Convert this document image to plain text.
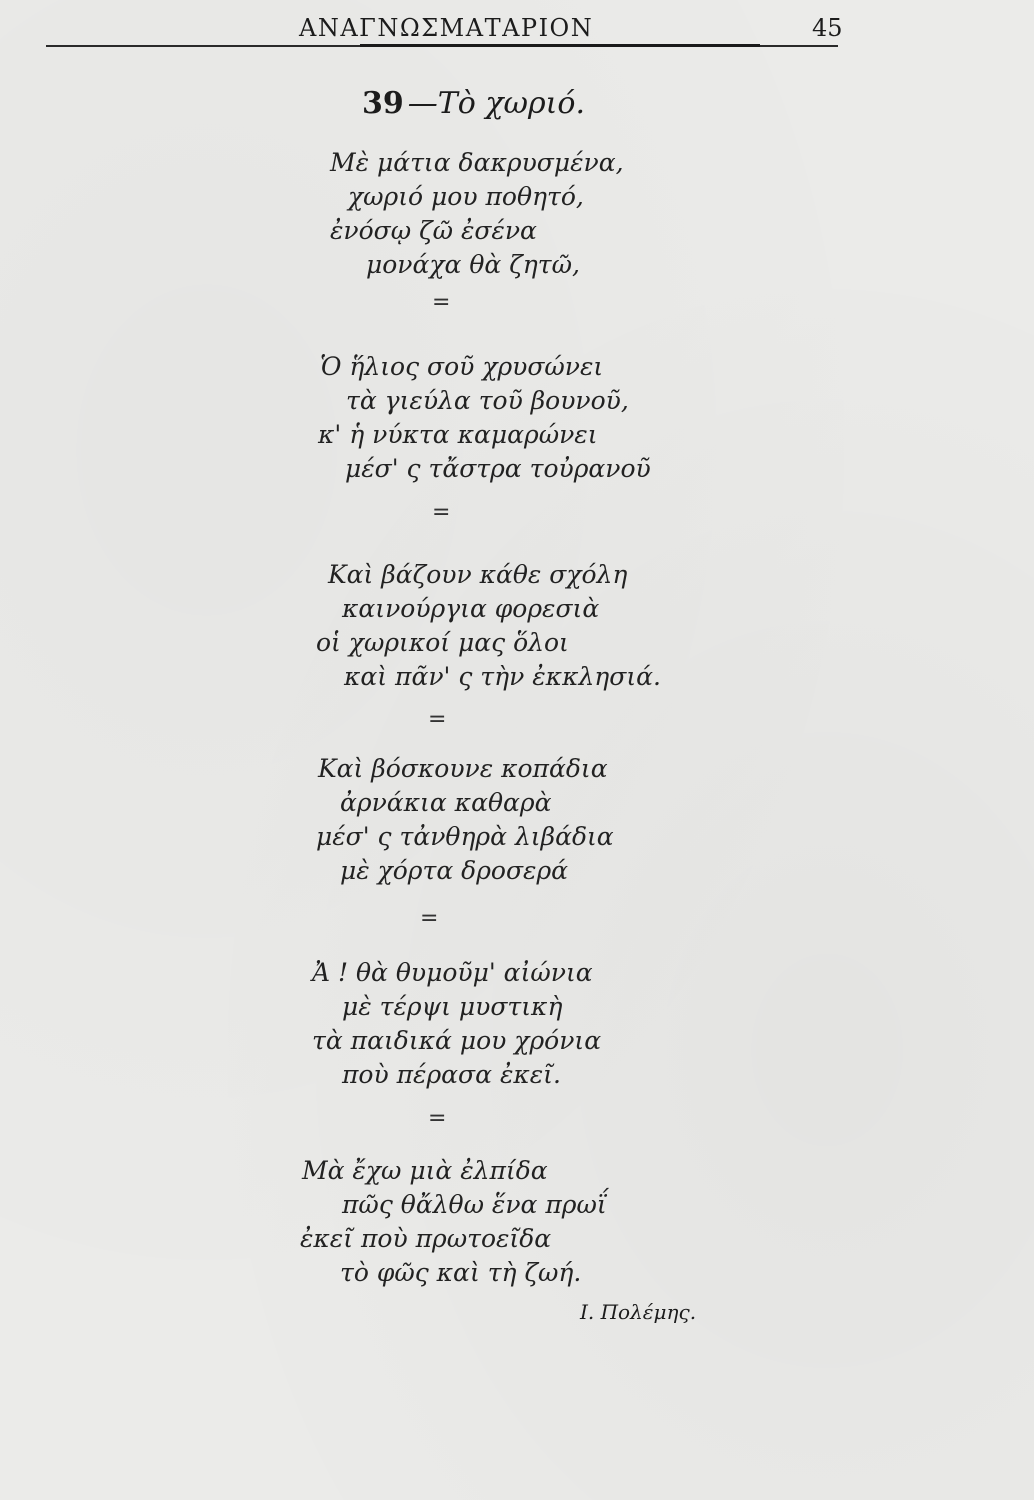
ΑΝΑΓΝΩΣΜΑΤΑΡΙΟΝ	45
39 —Τὸ χωριό.
Μὲ μάτια δακρυσμένα,
χωριό μου ποθητό,
ἐνόσῳ ζῶ ἐσένα
μονάχα θὰ ζητῶ,
=
Ὁ ἥλιος σοῦ χρυσώνει
τὰ γιεύλα τοῦ βουνοῦ,
κ' ἡ νύκτα καμαρώνει
μέσ' ς τἄστρα τοὐρανοῦ
=
Καὶ βάζουν κάθε σχόλη
καινούργια φορεσιὰ
οἱ χωρικοί μας ὅλοι
καὶ πᾶν' ς τὴν ἐκκλησιά.
=
Καὶ βόσκουνε κοπάδια
ἀρνάκια καθαρὰ
μέσ' ς τἀνθηρὰ λιβάδια
μὲ χόρτα δροσερά
=
Ἀ ! θὰ θυμοῦμ' αἰώνια
μὲ τέρψι μυστικὴ
τὰ παιδικά μου χρόνια
ποὺ πέρασα ἐκεῖ.
=
Μὰ ἔχω μιὰ ἐλπίδα
πῶς θἄλθω ἕνα πρωΐ
ἐκεῖ ποὺ πρωτοεῖδα
τὸ φῶς καὶ τὴ ζωή.
Ι. Πολέμης.
